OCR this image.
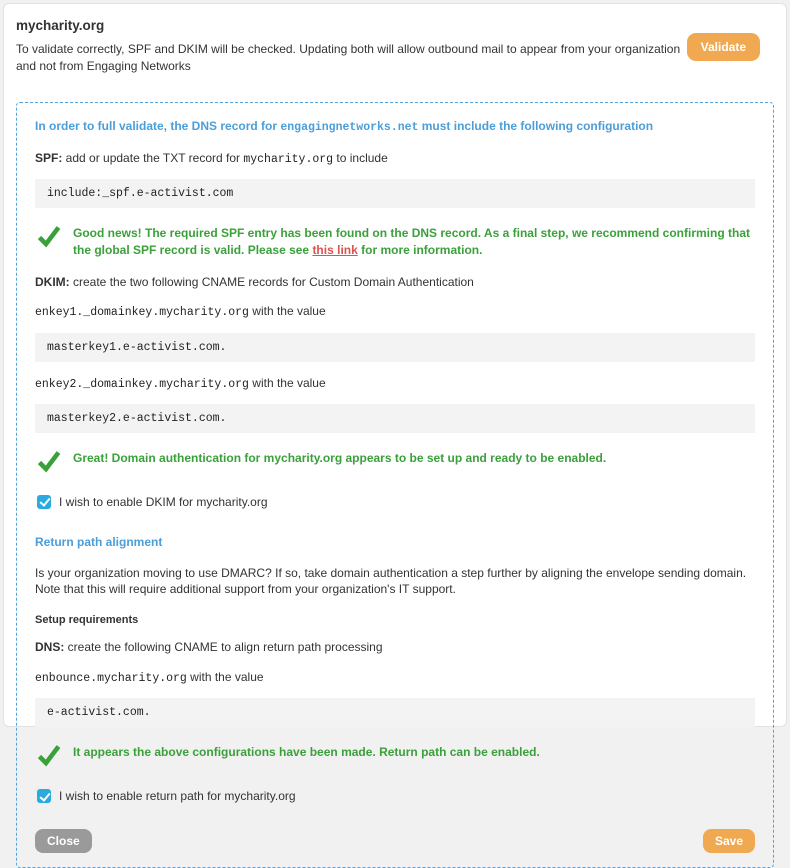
mycharity.org
To validate correctly, SPF and DKIM will be checked. Updating both will allow outbound mail to appear from your organization and not from Engaging Networks
Validate

In order to full validate, the DNS record for engagingnetworks.net must include the following configuration

SPF: add or update the TXT record for mycharity.org to include

include:_spf.e-activist.com

Good news! The required SPF entry has been found on the DNS record. As a final step, we recommend confirming that the global SPF record is valid. Please see this link for more information.

DKIM: create the two following CNAME records for Custom Domain Authentication

enkey1._domainkey.mycharity.org with the value

masterkey1.e-activist.com.

enkey2._domainkey.mycharity.org with the value

masterkey2.e-activist.com.

Great! Domain authentication for mycharity.org appears to be set up and ready to be enabled.

I wish to enable DKIM for mycharity.org

Return path alignment

Is your organization moving to use DMARC? If so, take domain authentication a step further by aligning the envelope sending domain. Note that this will require additional support from your organization's IT support.

Setup requirements

DNS: create the following CNAME to align return path processing

enbounce.mycharity.org with the value

e-activist.com.

It appears the above configurations have been made. Return path can be enabled.

I wish to enable return path for mycharity.org
Close	Save
